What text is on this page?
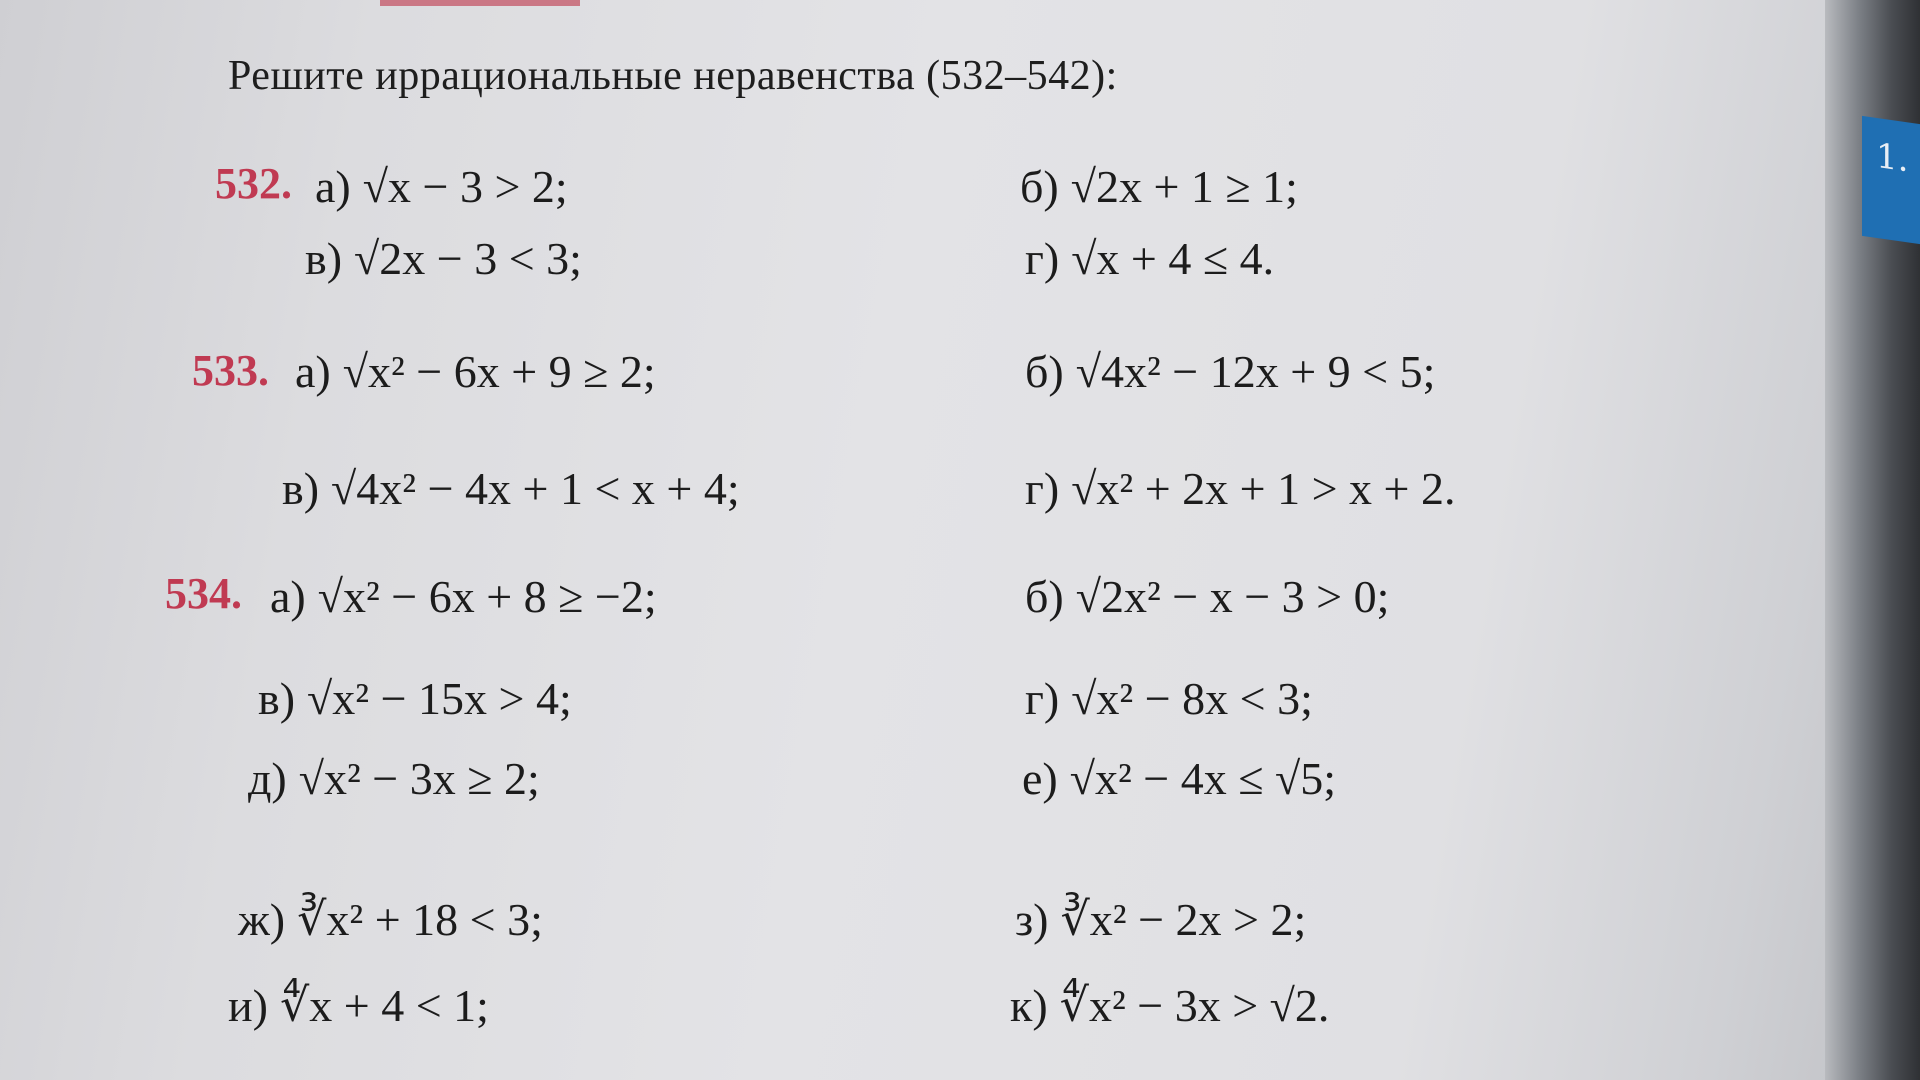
1.
Решите иррациональные неравенства (532–542):
532. а) √x − 3 > 2;	б) √2x + 1 ≥ 1;
в) √2x − 3 < 3;	г) √x + 4 ≤ 4.
533. а) √x² − 6x + 9 ≥ 2;	б) √4x² − 12x + 9 < 5;
в) √4x² − 4x + 1 < x + 4;	г) √x² + 2x + 1 > x + 2.
534. а) √x² − 6x + 8 ≥ −2;	б) √2x² − x − 3 > 0;
в) √x² − 15x > 4;	г) √x² − 8x < 3;
д) √x² − 3x ≥ 2;	е) √x² − 4x ≤ √5;
ж) ∛x² + 18 < 3;	з) ∛x² − 2x > 2;
и) ∜x + 4 < 1;	к) ∜x² − 3x > √2.
